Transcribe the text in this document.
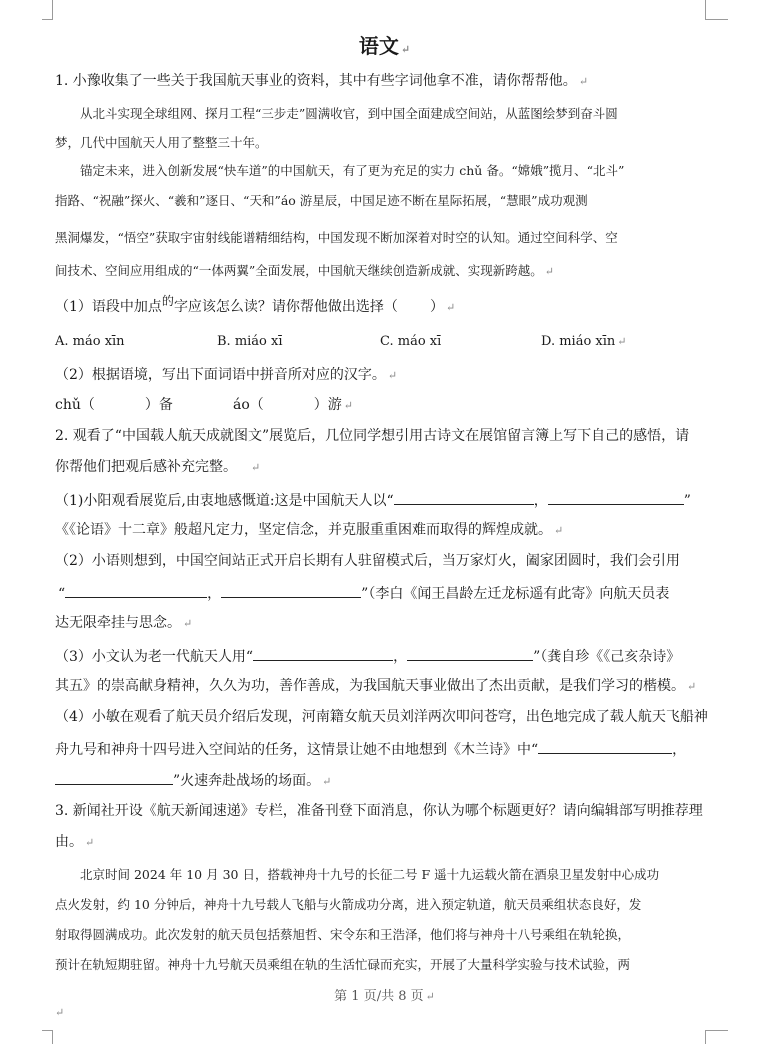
语文 ↵
1. 小豫收集了一些关于我国航天事业的资料，其中有些字词他拿不准，请你帮帮他。 ↵
从北斗实现全球组网、探月工程“三步走”圆满收官，到中国全面建成空间站，从蓝图绘梦到奋斗圆
梦，几代中国航天人用了整整三十年。
锚定未来，进入创新发展“快车道”的中国航天，有了更为充足的实力 chǔ 备。“嫦娥”揽月、“北斗”
指路、“祝融”探火、“羲和”逐日、“天和”áo 游星辰，中国足迹不断在星际拓展，“慧眼”成功观测
黑洞爆发，“悟空”获取宇宙射线能谱精细结构，中国发现不断加深着对时空的认知。通过空间科学、空
间技术、空间应用组成的“一体两翼”全面发展，中国航天继续创造新成就、实现新跨越。 ↵
（1）语段中加点的字应该怎么读？请你帮他做出选择（ ） ↵
A. máo xīn	B. miáo xī	C. máo xī	D. miáo xīn ↵
（2）根据语境，写出下面词语中拼音所对应的汉字。 ↵
chǔ（	）备	áo（	）游 ↵
2. 观看了“中国载人航天成就图文”展览后，几位同学想引用古诗文在展馆留言簿上写下自己的感悟，请
你帮他们把观后感补充完整。 ↵
（1)小阳观看展览后,由衷地感慨道:这是中国航天人以“	，	”
《《论语》十二章》般超凡定力，坚定信念，并克服重重困难而取得的辉煌成就。 ↵
（2）小语则想到，中国空间站正式开启长期有人驻留模式后，当万家灯火，阖家团圆时，我们会引用
“	，	”（李白《闻王昌龄左迁龙标遥有此寄》向航天员表
达无限牵挂与思念。 ↵
（3）小文认为老一代航天人用“	，	”（龚自珍《《己亥杂诗》
其五》的崇高献身精神，久久为功，善作善成，为我国航天事业做出了杰出贡献，是我们学习的楷模。 ↵
（4）小敏在观看了航天员介绍后发现，河南籍女航天员刘洋两次叩问苍穹，出色地完成了载人航天飞船神
舟九号和神舟十四号进入空间站的任务，这情景让她不由地想到《木兰诗》中“	，
”火速奔赴战场的场面。 ↵
3. 新闻社开设《航天新闻速递》专栏，准备刊登下面消息，你认为哪个标题更好？请向编辑部写明推荐理
由。 ↵
北京时间 2024 年 10 月 30 日，搭载神舟十九号的长征二号 F 遥十九运载火箭在酒泉卫星发射中心成功
点火发射，约 10 分钟后，神舟十九号载人飞船与火箭成功分离，进入预定轨道，航天员乘组状态良好，发
射取得圆满成功。此次发射的航天员包括蔡旭哲、宋令东和王浩泽，他们将与神舟十八号乘组在轨轮换，
预计在轨短期驻留。神舟十九号航天员乘组在轨的生活忙碌而充实，开展了大量科学实验与技术试验，两
第 1 页/共 8 页 ↵
↵
